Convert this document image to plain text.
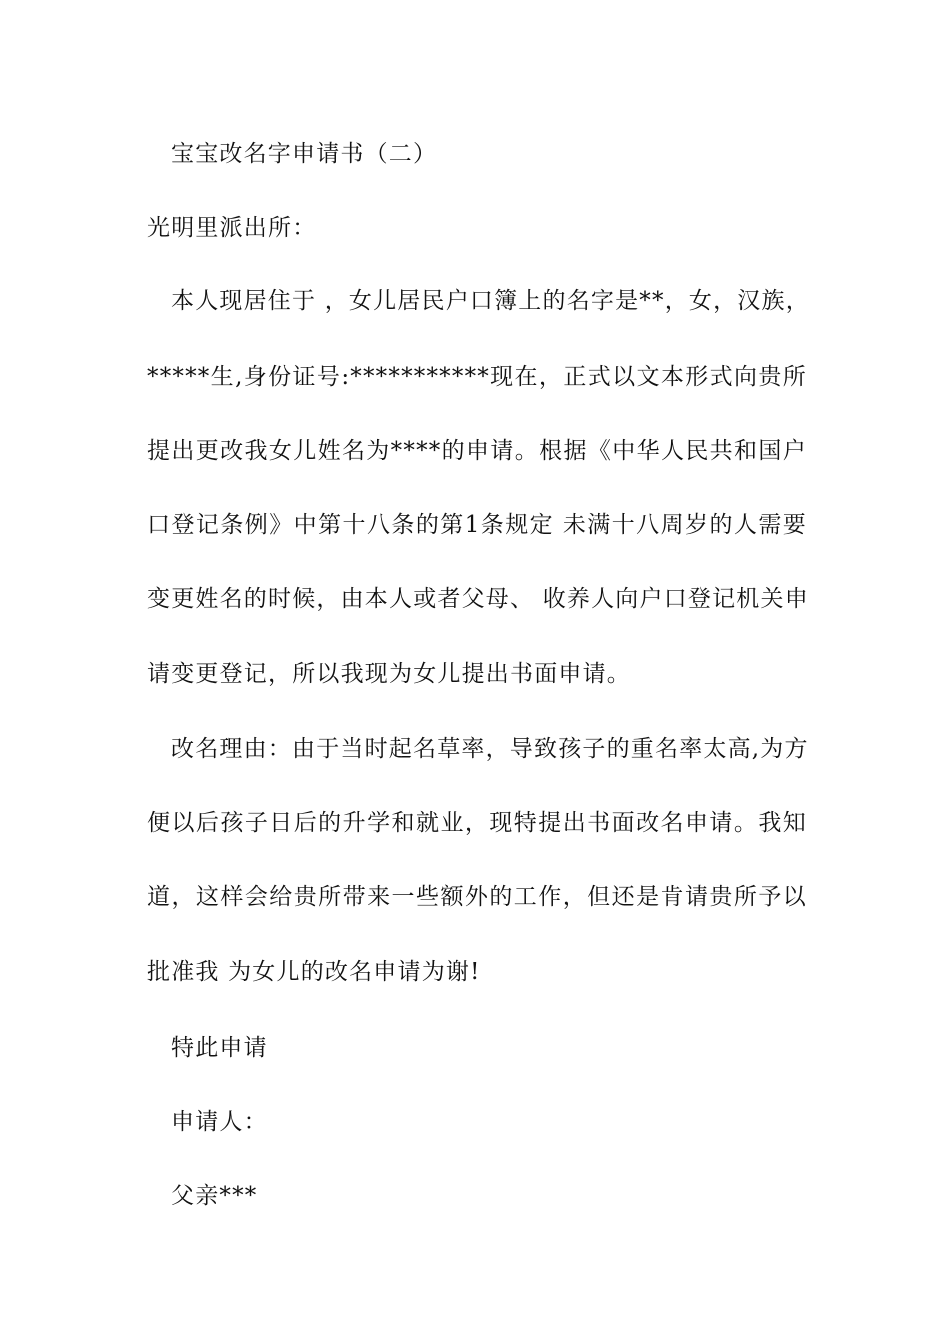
宝宝改名字申请书（二）

光明里派出所：

本人现居住于 ，女儿居民户口簿上的名字是**，女，汉族，

*****生,身份证号:***********现在，正式以文本形式向贵所

提出更改我女儿姓名为****的申请。根据《中华人民共和国户

口登记条例》中第十八条的第1条规定 未满十八周岁的人需要

变更姓名的时候，由本人或者父母、 收养人向户口登记机关申

请变更登记，所以我现为女儿提出书面申请。

改名理由：由于当时起名草率，导致孩子的重名率太高,为方

便以后孩子日后的升学和就业，现特提出书面改名申请。我知

道，这样会给贵所带来一些额外的工作，但还是肯请贵所予以

批准我 为女儿的改名申请为谢!

特此申请

申请人：

父亲***
